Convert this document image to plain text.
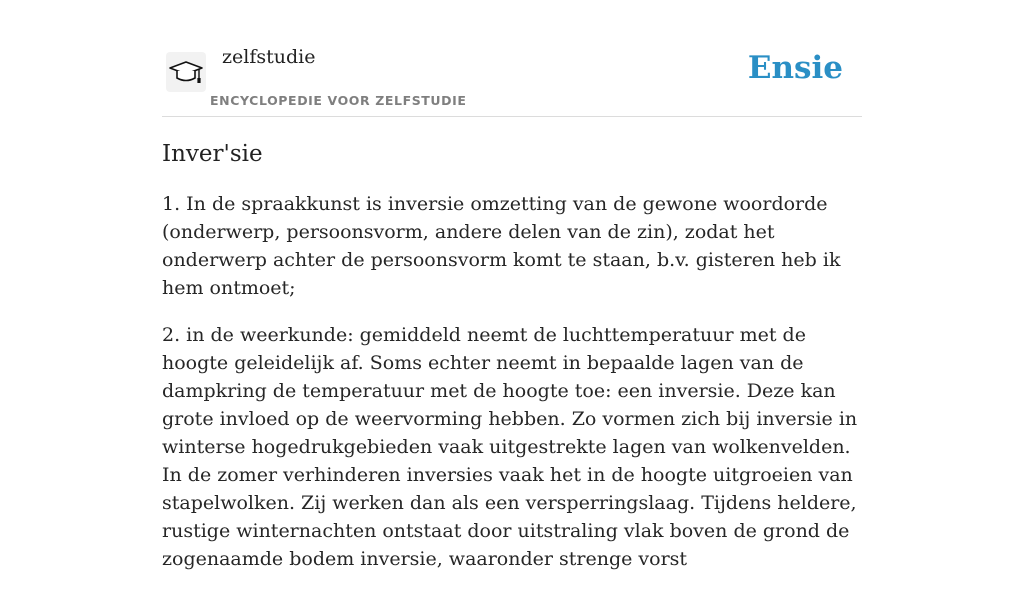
zelfstudie
ENCYCLOPEDIE VOOR ZELFSTUDIE
Ensie
Inver'sie

1. In de spraakkunst is inversie omzetting van de gewone woordorde (onderwerp, persoonsvorm, andere delen van de zin), zodat het onderwerp achter de persoonsvorm komt te staan, b.v. gisteren heb ik hem ontmoet;

2. in de weerkunde: gemiddeld neemt de luchttemperatuur met de hoogte geleidelijk af. Soms echter neemt in bepaalde lagen van de dampkring de temperatuur met de hoogte toe: een inversie. Deze kan grote invloed op de weervorming hebben. Zo vormen zich bij inversie in winterse hogedrukgebieden vaak uitgestrekte lagen van wolkenvelden. In de zomer verhinderen inversies vaak het in de hoogte uitgroeien van stapelwolken. Zij werken dan als een versperringslaag. Tijdens heldere, rustige winternachten ontstaat door uitstraling vlak boven de grond de zogenaamde bodem inversie, waaronder strenge vorst
